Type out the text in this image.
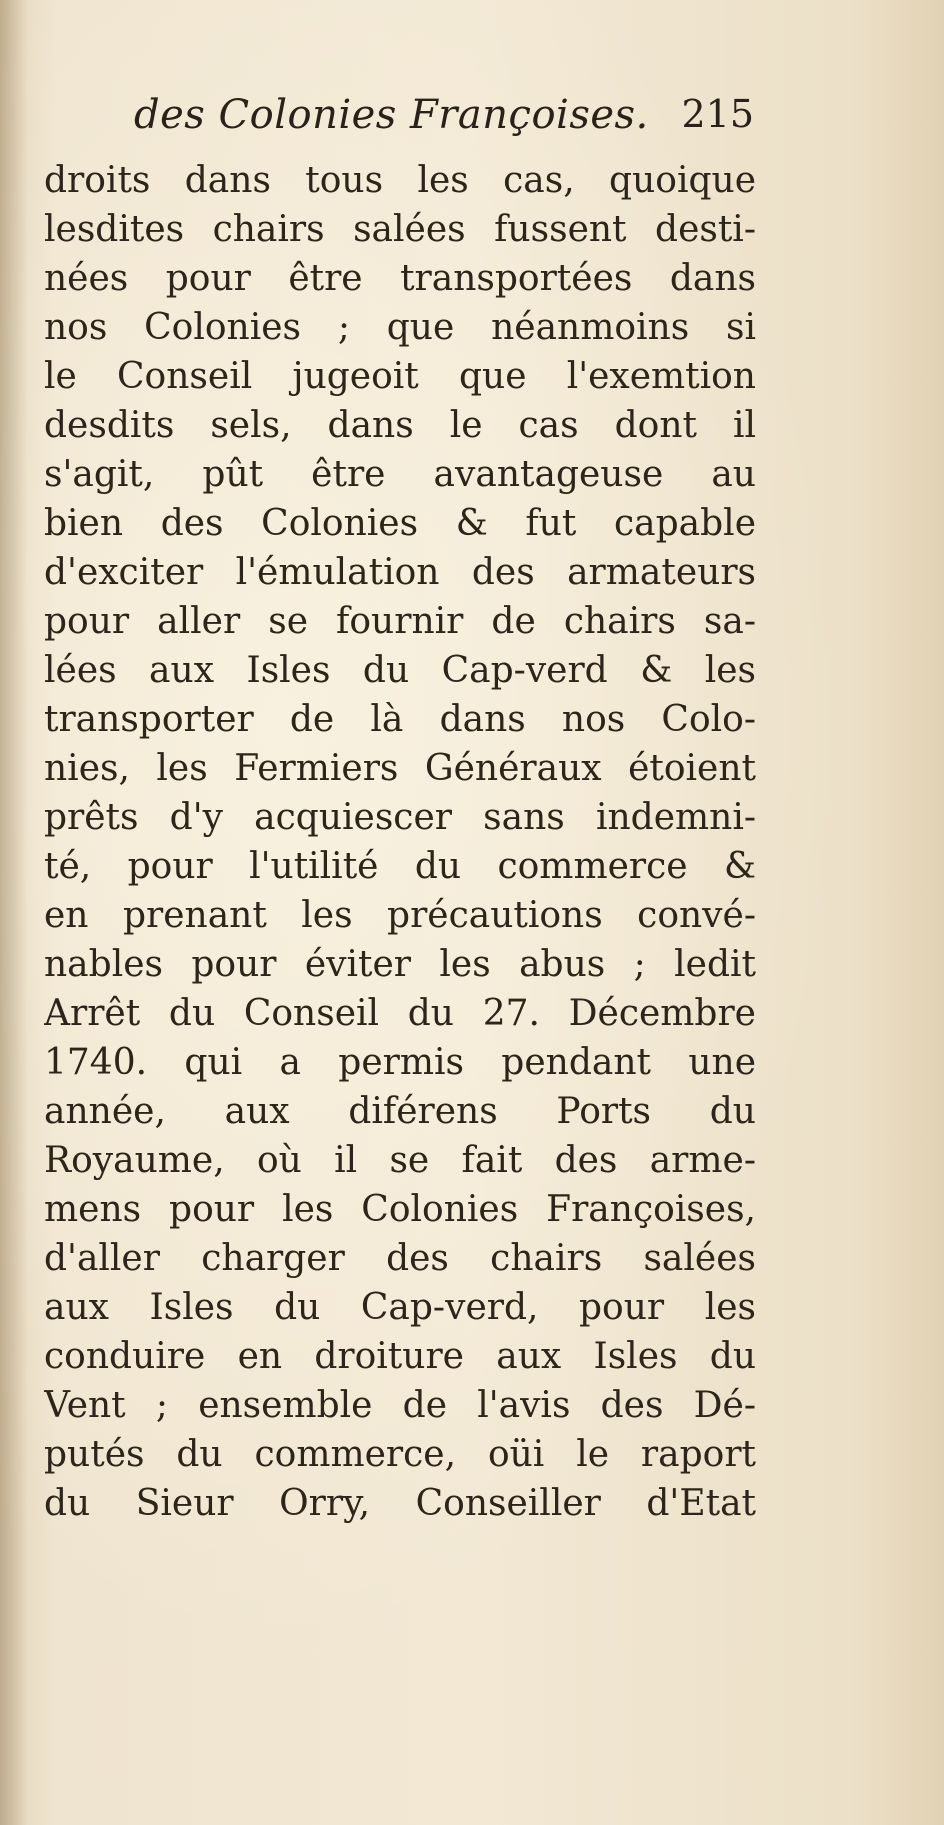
des Colonies Françoises. 215
droits dans tous les cas, quoique
lesdites chairs salées fussent desti-
nées pour être transportées dans
nos Colonies ; que néanmoins si
le Conseil jugeoit que l'exemtion
desdits sels, dans le cas dont il
s'agit, pût être avantageuse au
bien des Colonies & fut capable
d'exciter l'émulation des armateurs
pour aller se fournir de chairs sa-
lées aux Isles du Cap-verd & les
transporter de là dans nos Colo-
nies, les Fermiers Généraux étoient
prêts d'y acquiescer sans indemni-
té, pour l'utilité du commerce &
en prenant les précautions convé-
nables pour éviter les abus ; ledit
Arrêt du Conseil du 27. Décembre
1740. qui a permis pendant une
année, aux diférens Ports du
Royaume, où il se fait des arme-
mens pour les Colonies Françoises,
d'aller charger des chairs salées
aux Isles du Cap-verd, pour les
conduire en droiture aux Isles du
Vent ; ensemble de l'avis des Dé-
putés du commerce, oüi le raport
du Sieur Orry, Conseiller d'Etat
